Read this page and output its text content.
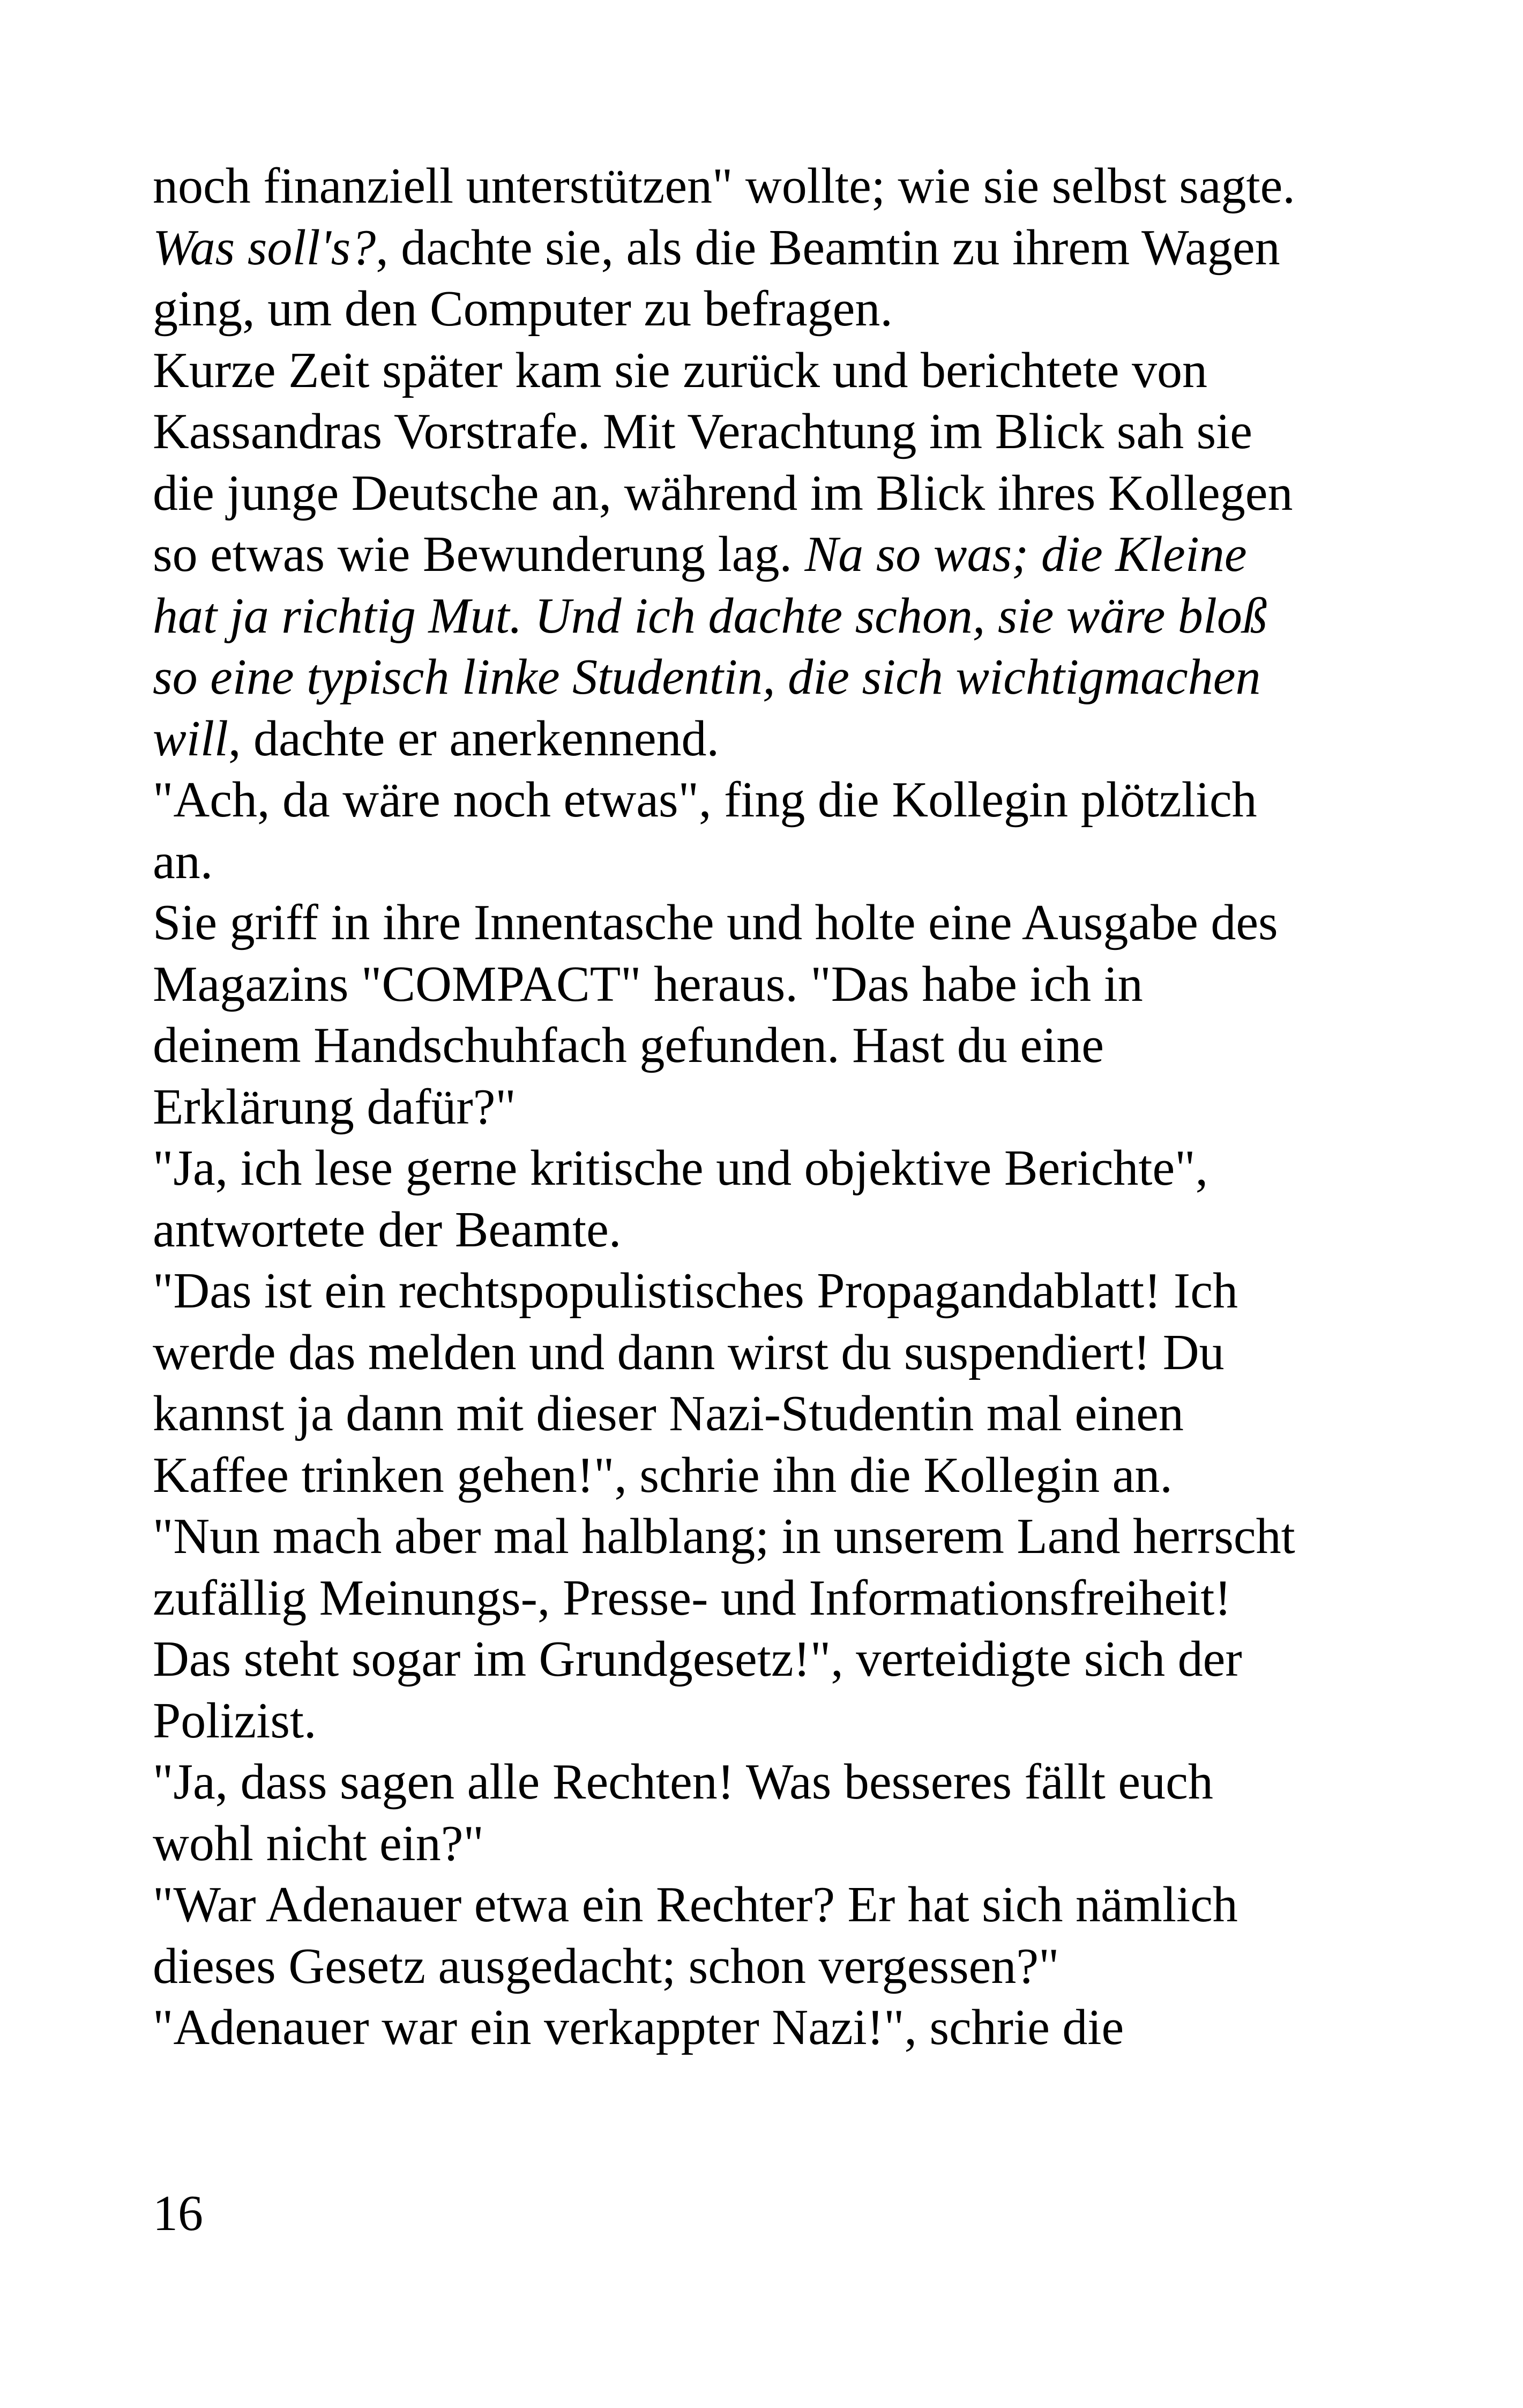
noch finanziell unterstützen" wollte; wie sie selbst sagte.
Was soll's?, dachte sie, als die Beamtin zu ihrem Wagen
ging, um den Computer zu befragen.
Kurze Zeit später kam sie zurück und berichtete von
Kassandras Vorstrafe. Mit Verachtung im Blick sah sie
die junge Deutsche an, während im Blick ihres Kollegen
so etwas wie Bewunderung lag. Na so was; die Kleine
hat ja richtig Mut. Und ich dachte schon, sie wäre bloß
so eine typisch linke Studentin, die sich wichtigmachen
will, dachte er anerkennend.
"Ach, da wäre noch etwas", fing die Kollegin plötzlich
an.
Sie griff in ihre Innentasche und holte eine Ausgabe des
Magazins "COMPACT" heraus. "Das habe ich in
deinem Handschuhfach gefunden. Hast du eine
Erklärung dafür?"
"Ja, ich lese gerne kritische und objektive Berichte",
antwortete der Beamte.
"Das ist ein rechtspopulistisches Propagandablatt! Ich
werde das melden und dann wirst du suspendiert! Du
kannst ja dann mit dieser Nazi-Studentin mal einen
Kaffee trinken gehen!", schrie ihn die Kollegin an.
"Nun mach aber mal halblang; in unserem Land herrscht
zufällig Meinungs-, Presse- und Informationsfreiheit!
Das steht sogar im Grundgesetz!", verteidigte sich der
Polizist.
"Ja, dass sagen alle Rechten! Was besseres fällt euch
wohl nicht ein?"
"War Adenauer etwa ein Rechter? Er hat sich nämlich
dieses Gesetz ausgedacht; schon vergessen?"
"Adenauer war ein verkappter Nazi!", schrie die
16
